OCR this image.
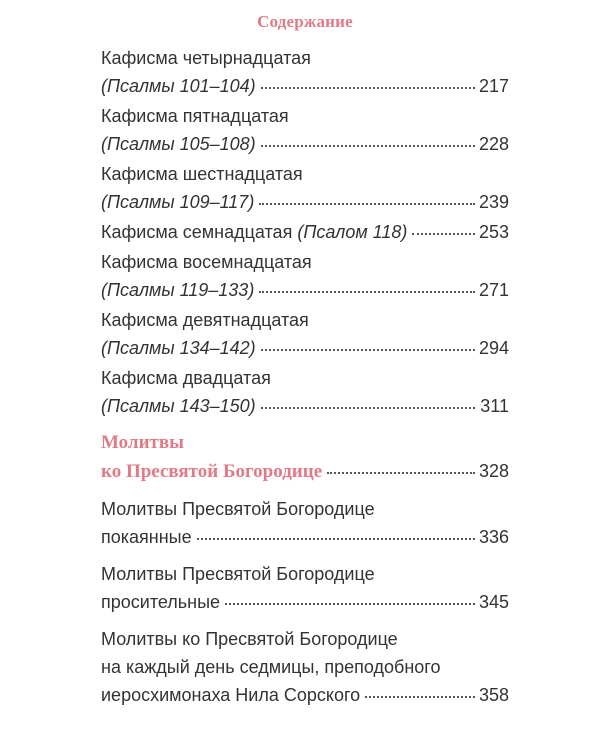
Содержание
Кафисма четырнадцатая
(Псалмы 101–104)	217
Кафисма пятнадцатая
(Псалмы 105–108)	228
Кафисма шестнадцатая
(Псалмы 109–117)	239
Кафисма семнадцатая
(Псалом 118)	253
Кафисма восемнадцатая
(Псалмы 119–133)	271
Кафисма девятнадцатая
(Псалмы 134–142)	294
Кафисма двадцатая
(Псалмы 143–150)	311
Молитвы
ко Пресвятой Богородице	328
Молитвы Пресвятой Богородице
покаянные	336
Молитвы Пресвятой Богородице
просительные	345
Молитвы ко Пресвятой Богородице
на каждый день седмицы, преподобного
иеросхимонаха Нила Сорского	358
